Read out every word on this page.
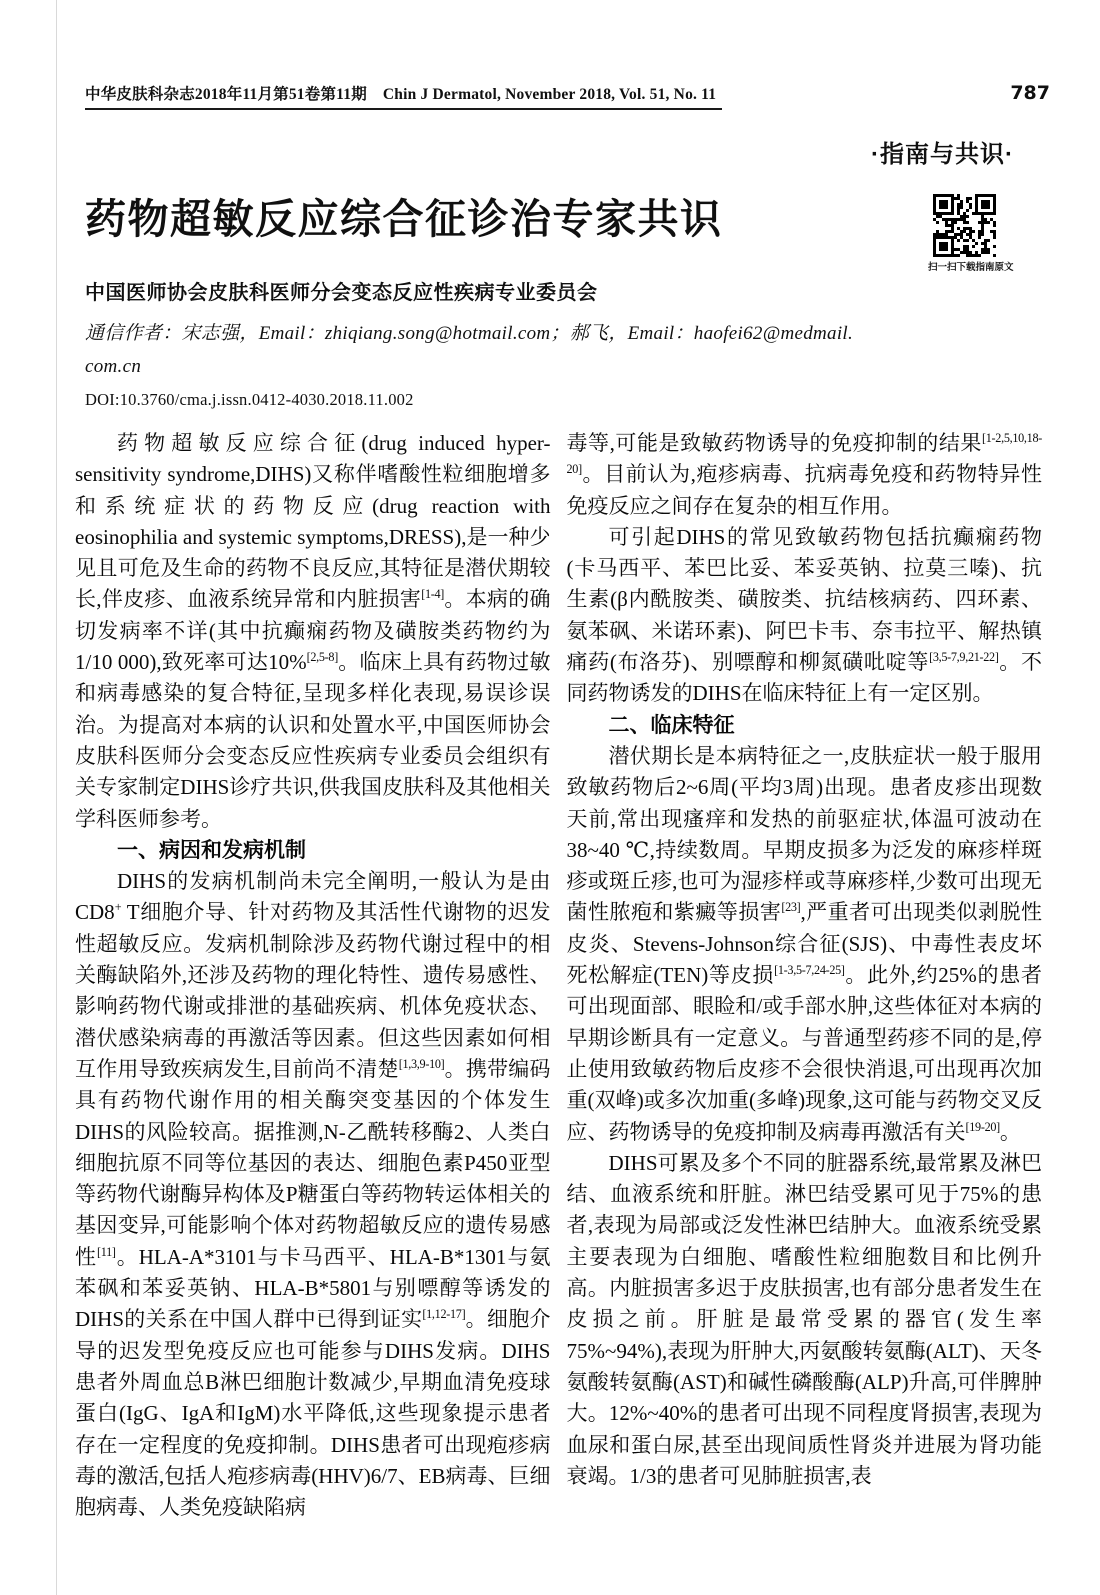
中华皮肤科杂志2018年11月第51卷第11期 Chin J Dermatol, November 2018, Vol. 51, No. 11	787
·指南与共识·
药物超敏反应综合征诊治专家共识
扫一扫下载指南原文
中国医师协会皮肤科医师分会变态反应性疾病专业委员会
通信作者：宋志强，Email：zhiqiang.song@hotmail.com；郝飞，Email：haofei62@medmail.
com.cn
DOI:10.3760/cma.j.issn.0412-4030.2018.11.002

药物超敏反应综合征(drug induced hyper-sensitivity syndrome,DIHS)又称伴嗜酸性粒细胞增多和系统症状的药物反应(drug reaction with eosinophilia and systemic symptoms,DRESS),是一种少见且可危及生命的药物不良反应,其特征是潜伏期较长,伴皮疹、血液系统异常和内脏损害[1-4]。本病的确切发病率不详(其中抗癫痫药物及磺胺类药物约为1/10 000),致死率可达10%[2,5-8]。临床上具有药物过敏和病毒感染的复合特征,呈现多样化表现,易误诊误治。为提高对本病的认识和处置水平,中国医师协会皮肤科医师分会变态反应性疾病专业委员会组织有关专家制定DIHS诊疗共识,供我国皮肤科及其他相关学科医师参考。

一、病因和发病机制

DIHS的发病机制尚未完全阐明,一般认为是由CD8+ T细胞介导、针对药物及其活性代谢物的迟发性超敏反应。发病机制除涉及药物代谢过程中的相关酶缺陷外,还涉及药物的理化特性、遗传易感性、影响药物代谢或排泄的基础疾病、机体免疫状态、潜伏感染病毒的再激活等因素。但这些因素如何相互作用导致疾病发生,目前尚不清楚[1,3,9-10]。携带编码具有药物代谢作用的相关酶突变基因的个体发生DIHS的风险较高。据推测,N-乙酰转移酶2、人类白细胞抗原不同等位基因的表达、细胞色素P450亚型等药物代谢酶异构体及P糖蛋白等药物转运体相关的基因变异,可能影响个体对药物超敏反应的遗传易感性[11]。HLA-A*3101与卡马西平、HLA-B*1301与氨苯砜和苯妥英钠、HLA-B*5801与别嘌醇等诱发的DIHS的关系在中国人群中已得到证实[1,12-17]。细胞介导的迟发型免疫反应也可能参与DIHS发病。DIHS患者外周血总B淋巴细胞计数减少,早期血清免疫球蛋白(IgG、IgA和IgM)水平降低,这些现象提示患者存在一定程度的免疫抑制。DIHS患者可出现疱疹病毒的激活,包括人疱疹病毒(HHV)6/7、EB病毒、巨细胞病毒、人类免疫缺陷病

毒等,可能是致敏药物诱导的免疫抑制的结果[1-2,5,10,18-20]。目前认为,疱疹病毒、抗病毒免疫和药物特异性免疫反应之间存在复杂的相互作用。

可引起DIHS的常见致敏药物包括抗癫痫药物(卡马西平、苯巴比妥、苯妥英钠、拉莫三嗪)、抗生素(β内酰胺类、磺胺类、抗结核病药、四环素、氨苯砜、米诺环素)、阿巴卡韦、奈韦拉平、解热镇痛药(布洛芬)、别嘌醇和柳氮磺吡啶等[3,5-7,9,21-22]。不同药物诱发的DIHS在临床特征上有一定区别。

二、临床特征

潜伏期长是本病特征之一,皮肤症状一般于服用致敏药物后2~6周(平均3周)出现。患者皮疹出现数天前,常出现瘙痒和发热的前驱症状,体温可波动在38~40 ℃,持续数周。早期皮损多为泛发的麻疹样斑疹或斑丘疹,也可为湿疹样或荨麻疹样,少数可出现无菌性脓疱和紫癜等损害[23],严重者可出现类似剥脱性皮炎、Stevens-Johnson综合征(SJS)、中毒性表皮坏死松解症(TEN)等皮损[1-3,5-7,24-25]。此外,约25%的患者可出现面部、眼睑和/或手部水肿,这些体征对本病的早期诊断具有一定意义。与普通型药疹不同的是,停止使用致敏药物后皮疹不会很快消退,可出现再次加重(双峰)或多次加重(多峰)现象,这可能与药物交叉反应、药物诱导的免疫抑制及病毒再激活有关[19-20]。

DIHS可累及多个不同的脏器系统,最常累及淋巴结、血液系统和肝脏。淋巴结受累可见于75%的患者,表现为局部或泛发性淋巴结肿大。血液系统受累主要表现为白细胞、嗜酸性粒细胞数目和比例升高。内脏损害多迟于皮肤损害,也有部分患者发生在皮损之前。肝脏是最常受累的器官(发生率75%~94%),表现为肝肿大,丙氨酸转氨酶(ALT)、天冬氨酸转氨酶(AST)和碱性磷酸酶(ALP)升高,可伴脾肿大。12%~40%的患者可出现不同程度肾损害,表现为血尿和蛋白尿,甚至出现间质性肾炎并进展为肾功能衰竭。1/3的患者可见肺脏损害,表
